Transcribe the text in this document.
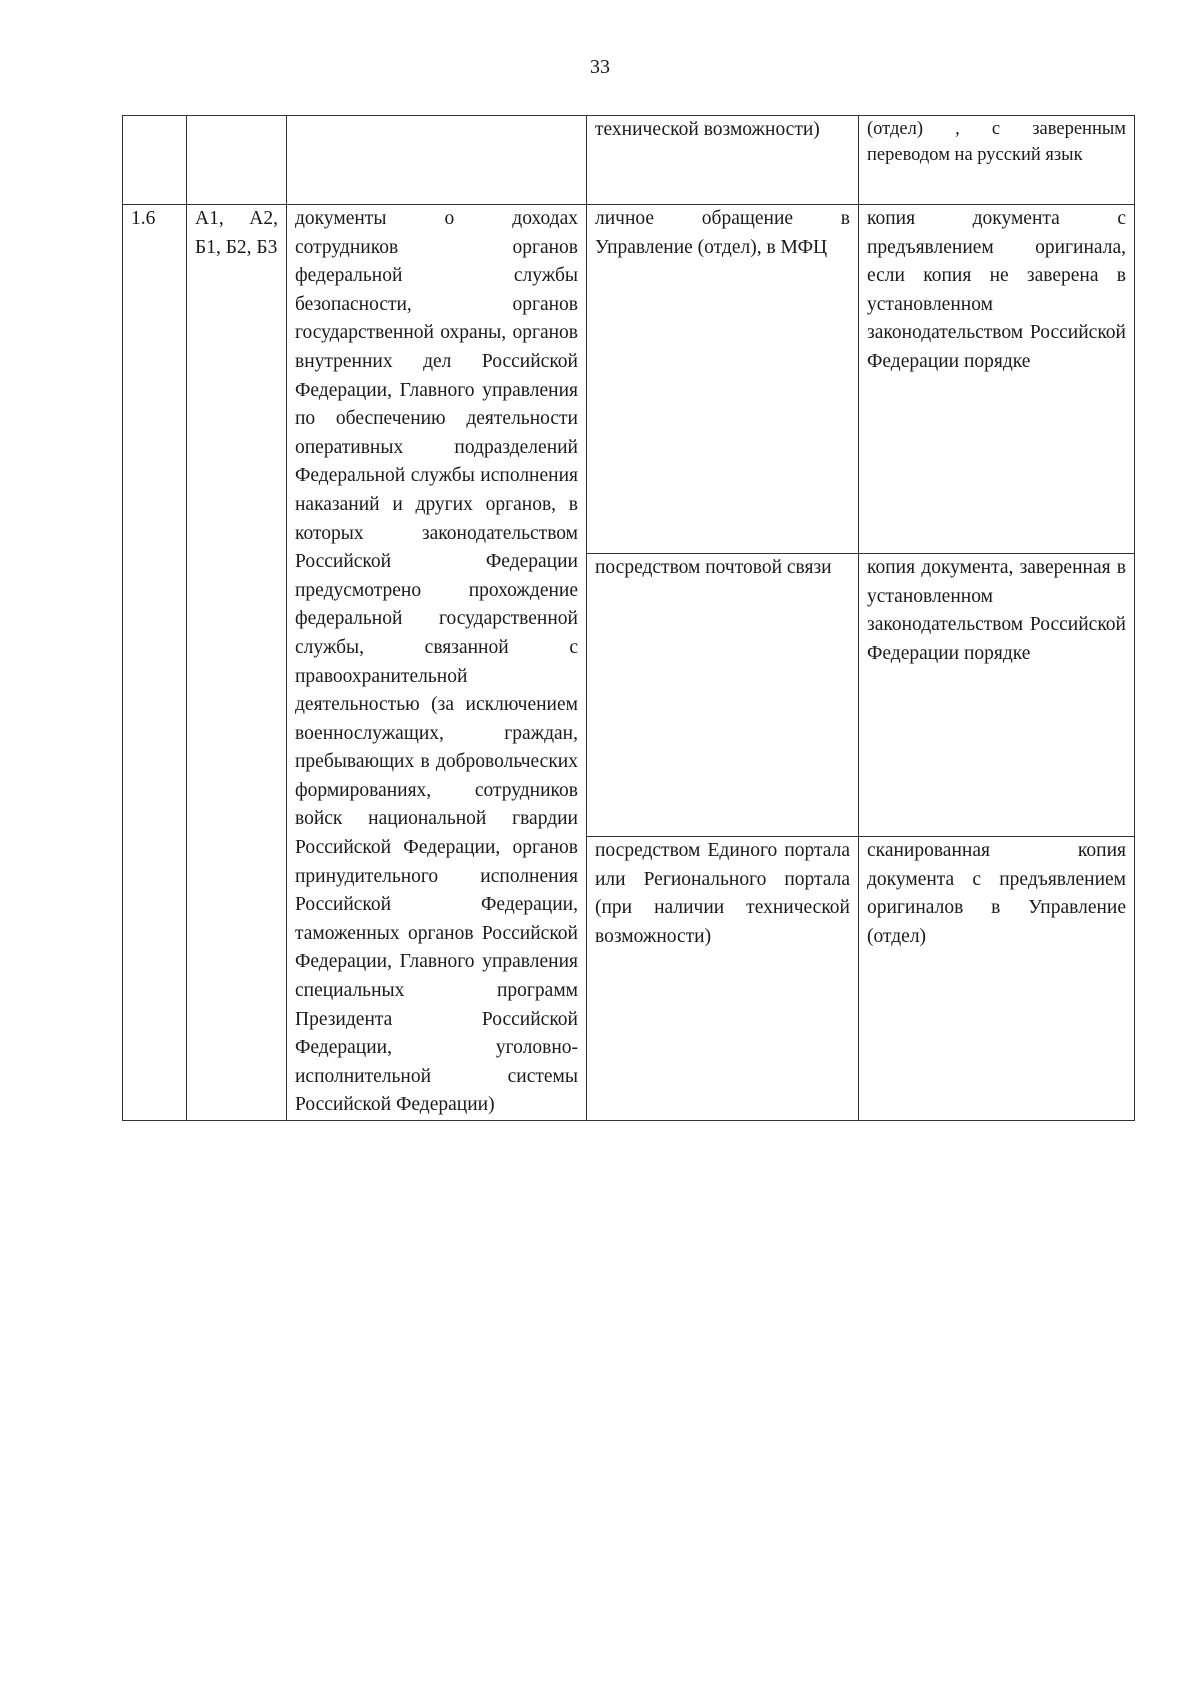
33
			технической возможности)	(отдел) , с заверенным переводом на русский язык
1.6	А1, А2, Б1, Б2, Б3	документы о доходах сотрудников органов федеральной службы безопасности, органов государственной охраны, органов внутренних дел Российской Федерации, Главного управления по обеспечению деятельности оперативных подразделений Федеральной службы исполнения наказаний и других органов, в которых законодательством Российской Федерации предусмотрено прохождение федеральной государственной службы, связанной с правоохранительной деятельностью (за исключением военнослужащих, граждан, пребывающих в добровольческих формированиях, сотрудников войск национальной гвардии Российской Федерации, органов принудительного исполнения Российской Федерации, таможенных органов Российской Федерации, Главного управления специальных программ Президента Российской Федерации, уголовно-исполнительной системы Российской Федерации)	личное обращение в Управление (отдел), в МФЦ	копия документа с предъявлением оригинала, если копия не заверена в установленном законодательством Российской Федерации порядке
			посредством почтовой связи	копия документа, заверенная в установленном законодательством Российской Федерации порядке
			посредством Единого портала или Регионального портала (при наличии технической возможности)	сканированная копия документа с предъявлением оригиналов в Управление (отдел)
